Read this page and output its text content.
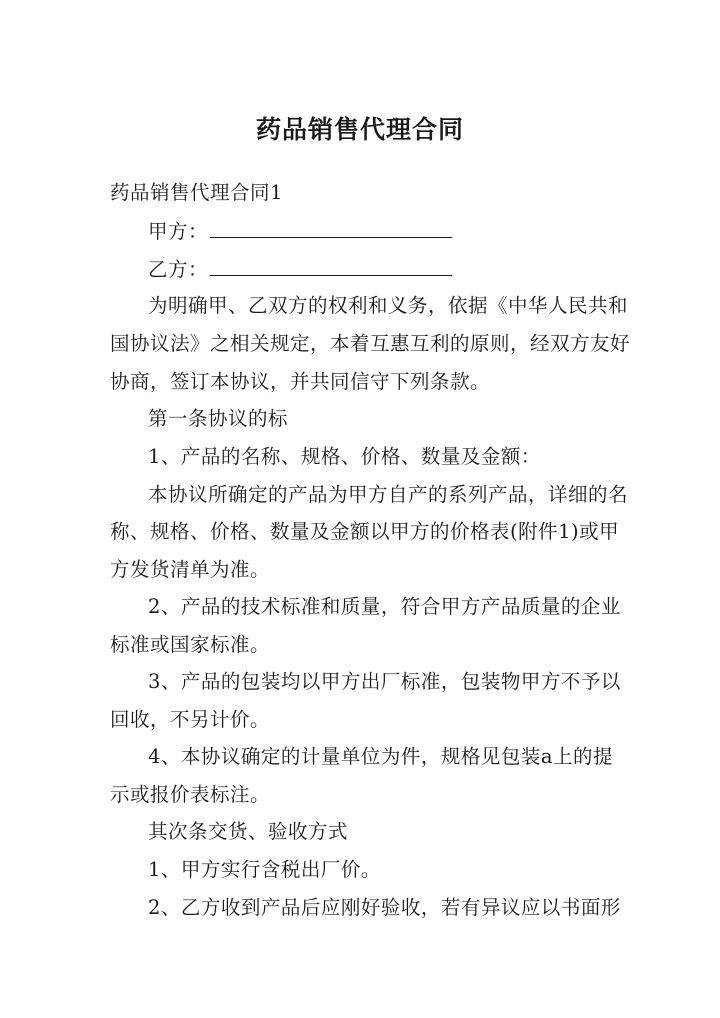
药品销售代理合同
药品销售代理合同1
甲方：
乙方：
为明确甲、乙双方的权利和义务，依据《中华人民共和
国协议法》之相关规定，本着互惠互利的原则，经双方友好
协商，签订本协议，并共同信守下列条款。
第一条协议的标
1、产品的名称、规格、价格、数量及金额：
本协议所确定的产品为甲方自产的系列产品，详细的名
称、规格、价格、数量及金额以甲方的价格表(附件1)或甲
方发货清单为准。
2、产品的技术标准和质量，符合甲方产品质量的企业
标准或国家标准。
3、产品的包装均以甲方出厂标准，包装物甲方不予以
回收，不另计价。
4、本协议确定的计量单位为件，规格见包装a上的提
示或报价表标注。
其次条交货、验收方式
1、甲方实行含税出厂价。
2、乙方收到产品后应刚好验收，若有异议应以书面形
